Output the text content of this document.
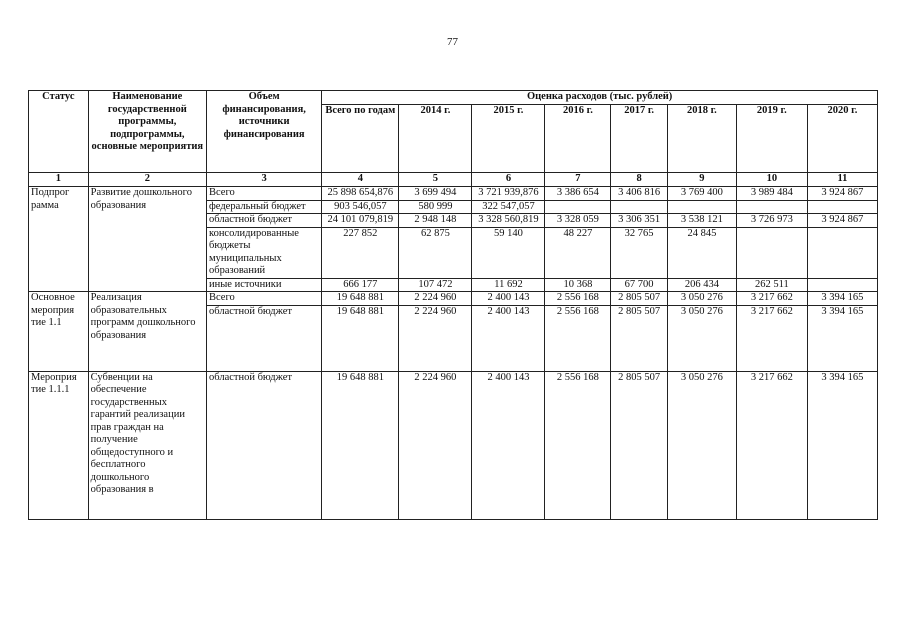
77
Статус	Наименование государственной программы, подпрограммы, основные мероприятия	Объем финансирования, источники финансирования	Оценка расходов (тыс. рублей)							
			Всего по годам	2014 г.	2015 г.	2016 г.	2017 г.	2018 г.	2019 г.	2020 г.
1	2	3	4	5	6	7	8	9	10	11
Подпрог рамма	Развитие дошкольного образования	Всего	25 898 654,876	3 699 494	3 721 939,876	3 386 654	3 406 816	3 769 400	3 989 484	3 924 867
		федеральный бюджет	903 546,057	580 999	322 547,057					
		областной бюджет	24 101 079,819	2 948 148	3 328 560,819	3 328 059	3 306 351	3 538 121	3 726 973	3 924 867
		консолидированные бюджеты муниципальных образований	227 852	62 875	59 140	48 227	32 765	24 845		
		иные источники	666 177	107 472	11 692	10 368	67 700	206 434	262 511	
Основное мероприя тие 1.1	Реализация образовательных программ дошкольного образования	Всего	19 648 881	2 224 960	2 400 143	2 556 168	2 805 507	3 050 276	3 217 662	3 394 165
		областной бюджет	19 648 881	2 224 960	2 400 143	2 556 168	2 805 507	3 050 276	3 217 662	3 394 165
Мероприя тие 1.1.1	Субвенции на обеспечение государственных гарантий реализации прав граждан на получение общедоступного и бесплатного дошкольного образования в	областной бюджет	19 648 881	2 224 960	2 400 143	2 556 168	2 805 507	3 050 276	3 217 662	3 394 165
